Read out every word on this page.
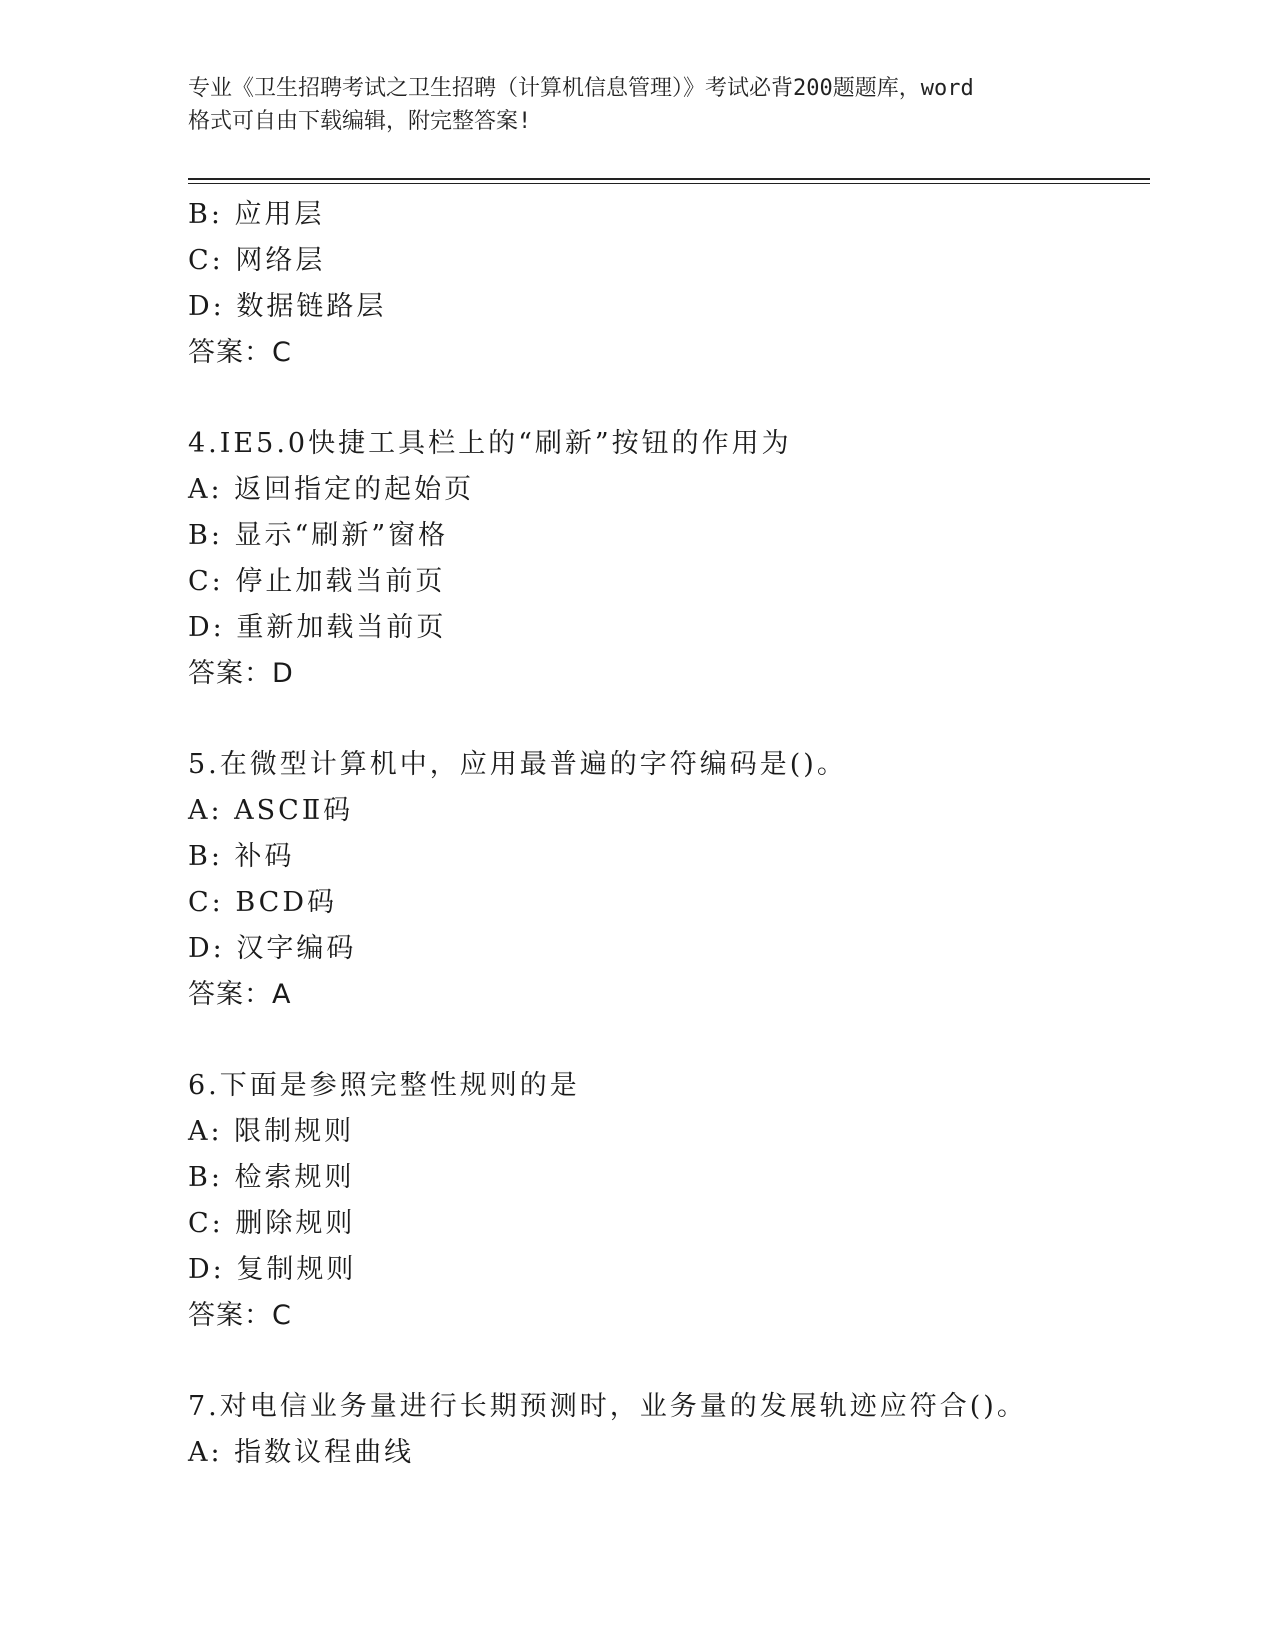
专业《卫生招聘考试之卫生招聘（计算机信息管理）》考试必背200题题库，word
格式可自由下载编辑，附完整答案!
B: 应用层
C: 网络层
D: 数据链路层
答案：C
4.IE5.0快捷工具栏上的“刷新”按钮的作用为
A: 返回指定的起始页
B: 显示“刷新”窗格
C: 停止加载当前页
D: 重新加载当前页
答案：D
5.在微型计算机中，应用最普遍的字符编码是()。
A: ASCⅡ码
B: 补码
C: BCD码
D: 汉字编码
答案：A
6.下面是参照完整性规则的是
A: 限制规则
B: 检索规则
C: 删除规则
D: 复制规则
答案：C
7.对电信业务量进行长期预测时，业务量的发展轨迹应符合()。
A: 指数议程曲线
